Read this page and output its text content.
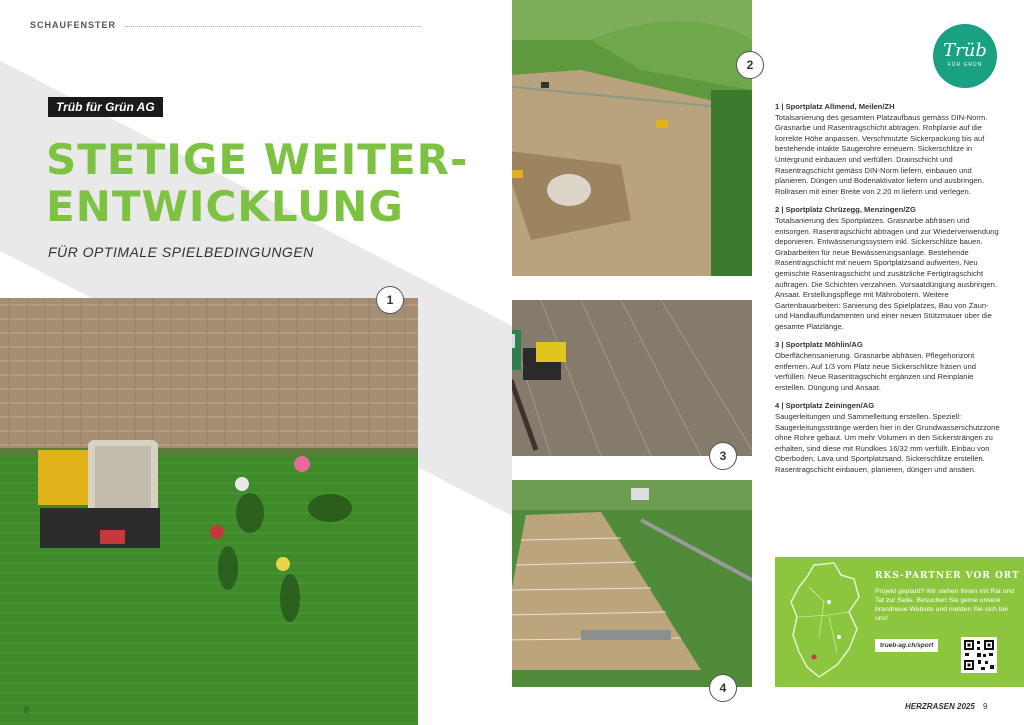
SCHAUFENSTER
Trüb für Grün AG
STETIGE WEITER-
ENTWICKLUNG
FÜR OPTIMALE SPIELBEDINGUNGEN
1
8
2
3
4
Trüb
FÜR GRÜN
1 | Sportplatz Allmend, Meilen/ZH
Totalsanierung des gesamten Platzaufbaus gemäss DIN-Norm. Grasnarbe und Rasentragschicht abtragen. Rohplanie auf die korrekte Höhe anpassen. Verschmutzte Sickerpackung bis auf bestehende intakte Saugerohre erneuern. Sickerschlitze in Untergrund einbauen und verfüllen. Drainschicht und Rasentragschicht gemäss DIN-Norm liefern, einbauen und planieren. Düngen und Bodenaktivator liefern und ausbringen. Rollrasen mit einer Breite von 2.20 m liefern und verlegen.
2 | Sportplatz Chrüzegg, Menzingen/ZG
Totalsanierung des Sportplatzes. Grasnarbe abfräsen und entsorgen. Rasentragschicht abtragen und zur Wiederverwendung deponieren. Entwässerungssystem inkl. Sickerschlitze bauen. Grabarbeiten für neue Bewässerungsanlage. Bestehende Rasentragschicht mit neuem Sportplatzsand aufwerten. Neu gemischte Rasentragschicht und zusätzliche Fertigtragschicht auftragen. Die Schichten verzahnen. Vorsaatdüngung ausbringen. Ansaat. Erstellungspflege mit Mährobotern. Weitere Gartenbauarbeiten: Sanierung des Spielplatzes, Bau von Zaun- und Handlauffundamenten und einer neuen Stützmauer über die gesamte Platzlänge.
3 | Sportplatz Möhlin/AG
Oberflächensanierung. Grasnarbe abfräsen. Pflegehorizont entfernen. Auf 1/3 vom Platz neue Sickerschlitze fräsen und verfüllen. Neue Rasentragschicht ergänzen und Reinplanie erstellen. Düngung und Ansaat.
4 | Sportplatz Zeiningen/AG
Saugerleitungen und Sammelleitung erstellen. Speziell: Saugerleitungsstränge werden hier in der Grundwasserschutzzone ohne Rohre gebaut. Um mehr Volumen in den Sickersträngen zu erhalten, sind diese mit Rundkies 16/32 mm verfüllt. Einbau von Oberboden, Lava und Sportplatzsand. Sickerschlitze erstellen. Rasentragschicht einbauen, planieren, düngen und ansäen.
RKS-PARTNER VOR ORT
Projekt geplant? Wir stehen Ihnen mit Rat und Tat zur Seite. Besuchen Sie gerne unsere brandneue Website und melden Sie sich bei uns!
trueb-ag.ch/sport
HERZRASEN 2025 9
